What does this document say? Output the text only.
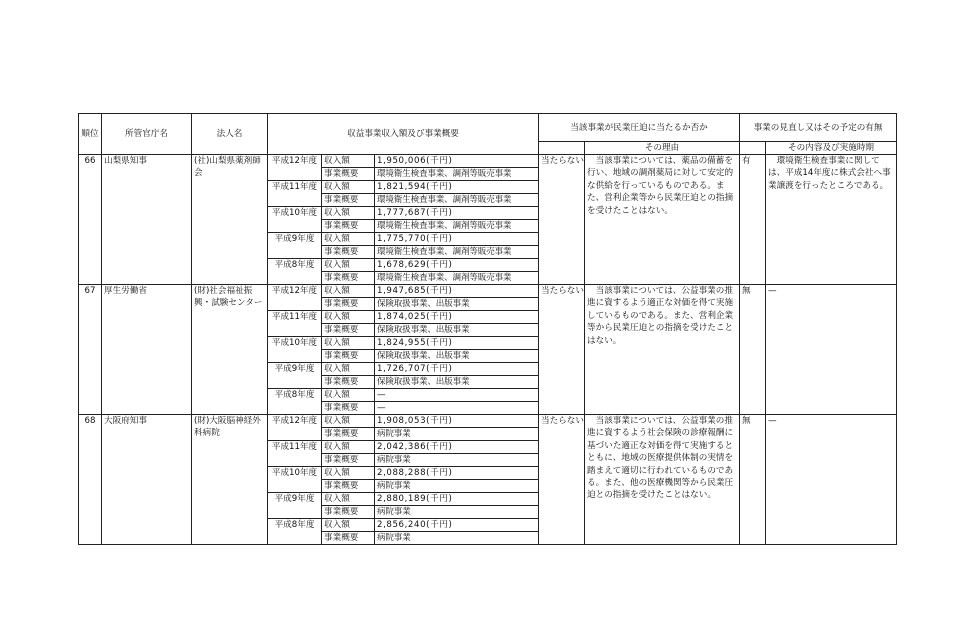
順位	所管官庁名	法人名	収益事業収入額及び事業概要			当該事業が民業圧迫に当たるか否か		事業の見直し又はその予定の有無	
							その理由		その内容及び実施時期
66	山梨県知事	(社)山梨県薬剤師会	平成12年度	収入額	1,950,006(千円)	当たらない	　当該事業については、薬品の備蓄を行い、地域の調剤薬局に対して安定的な供給を行っているものである。また、営利企業等から民業圧迫との指摘を受けたことはない。	有	　環境衛生検査事業に関しては、平成14年度に株式会社へ事業譲渡を行ったところである。
				事業概要	環境衛生検査事業、調剤等販売事業				
			平成11年度	収入額	1,821,594(千円)				
				事業概要	環境衛生検査事業、調剤等販売事業				
			平成10年度	収入額	1,777,687(千円)				
				事業概要	環境衛生検査事業、調剤等販売事業				
			平成9年度	収入額	1,775,770(千円)				
				事業概要	環境衛生検査事業、調剤等販売事業				
			平成8年度	収入額	1,678,629(千円)				
				事業概要	環境衛生検査事業、調剤等販売事業				
67	厚生労働省	(財)社会福祉振興・試験センター	平成12年度	収入額	1,947,685(千円)	当たらない	　当該事業については、公益事業の推進に資するよう適正な対価を得て実施しているものである。また、営利企業等から民業圧迫との指摘を受けたことはない。	無	—
				事業概要	保険取扱事業、出版事業				
			平成11年度	収入額	1,874,025(千円)				
				事業概要	保険取扱事業、出版事業				
			平成10年度	収入額	1,824,955(千円)				
				事業概要	保険取扱事業、出版事業				
			平成9年度	収入額	1,726,707(千円)				
				事業概要	保険取扱事業、出版事業				
			平成8年度	収入額	—				
				事業概要	—				
68	大阪府知事	(財)大阪脳神経外科病院	平成12年度	収入額	1,908,053(千円)	当たらない	　当該事業については、公益事業の推進に資するよう社会保険の診療報酬に基づいた適正な対価を得て実施するとともに、地域の医療提供体制の実情を踏まえて適切に行われているものである。また、他の医療機関等から民業圧迫との指摘を受けたことはない。	無	—
				事業概要	病院事業				
			平成11年度	収入額	2,042,386(千円)				
				事業概要	病院事業				
			平成10年度	収入額	2,088,288(千円)				
				事業概要	病院事業				
			平成9年度	収入額	2,880,189(千円)				
				事業概要	病院事業				
			平成8年度	収入額	2,856,240(千円)				
				事業概要	病院事業				
